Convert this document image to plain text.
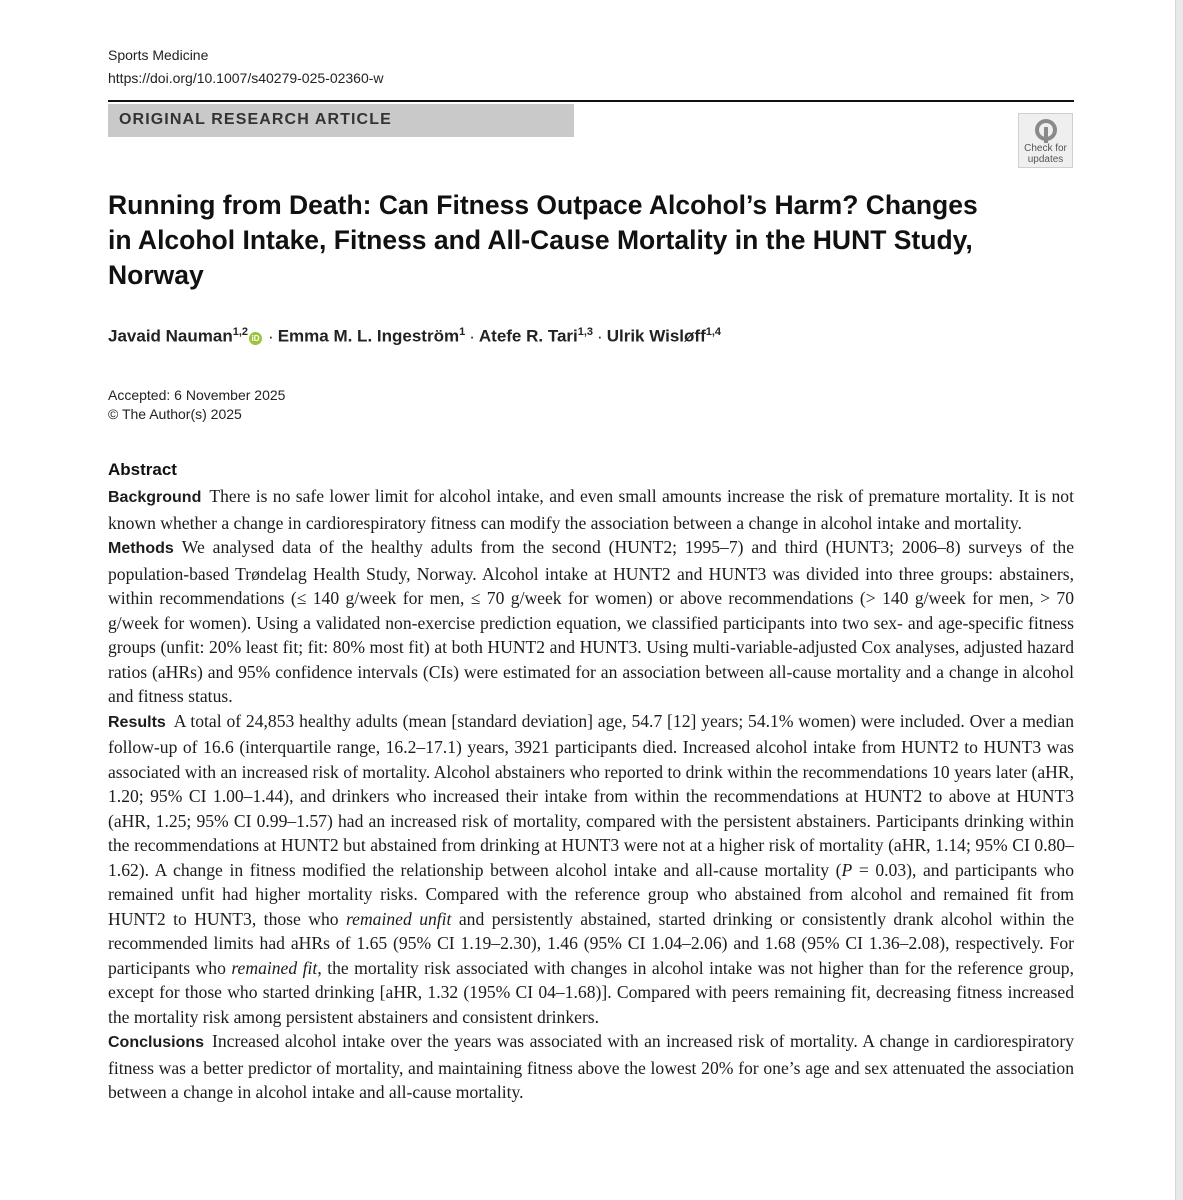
Sports Medicine
https://doi.org/10.1007/s40279-025-02360-w
ORIGINAL RESEARCH ARTICLE
Check for
updates
Running from Death: Can Fitness Outpace Alcohol’s Harm? Changes in Alcohol Intake, Fitness and All-Cause Mortality in the HUNT Study, Norway
Javaid Nauman$^{1,2}$iD · Emma M. L. Ingeström$^1$ · Atefe R. Tari$^{1,3}$ · Ulrik Wisløff$^{1,4}$
Accepted: 6 November 2025
© The Author(s) 2025
Abstract

Background There is no safe lower limit for alcohol intake, and even small amounts increase the risk of premature mortality. It is not known whether a change in cardiorespiratory fitness can modify the association between a change in alcohol intake and mortality.

Methods We analysed data of the healthy adults from the second (HUNT2; 1995–7) and third (HUNT3; 2006–8) surveys of the population-based Trøndelag Health Study, Norway. Alcohol intake at HUNT2 and HUNT3 was divided into three groups: abstainers, within recommendations (≤ 140 g/week for men, ≤ 70 g/week for women) or above recommendations (> 140 g/week for men, > 70 g/week for women). Using a validated non-exercise prediction equation, we classified participants into two sex- and age-specific fitness groups (unfit: 20% least fit; fit: 80% most fit) at both HUNT2 and HUNT3. Using multi-variable-adjusted Cox analyses, adjusted hazard ratios (aHRs) and 95% confidence intervals (CIs) were estimated for an association between all-cause mortality and a change in alcohol and fitness status.

Results A total of 24,853 healthy adults (mean [standard deviation] age, 54.7 [12] years; 54.1% women) were included. Over a median follow-up of 16.6 (interquartile range, 16.2–17.1) years, 3921 participants died. Increased alcohol intake from HUNT2 to HUNT3 was associated with an increased risk of mortality. Alcohol abstainers who reported to drink within the recommendations 10 years later (aHR, 1.20; 95% CI 1.00–1.44), and drinkers who increased their intake from within the recommendations at HUNT2 to above at HUNT3 (aHR, 1.25; 95% CI 0.99–1.57) had an increased risk of mortality, compared with the persistent abstainers. Participants drinking within the recommendations at HUNT2 but abstained from drinking at HUNT3 were not at a higher risk of mortality (aHR, 1.14; 95% CI 0.80–1.62). A change in fitness modified the relationship between alcohol intake and all-cause mortality (P = 0.03), and participants who remained unfit had higher mortality risks. Compared with the reference group who abstained from alcohol and remained fit from HUNT2 to HUNT3, those who remained unfit and persistently abstained, started drinking or consistently drank alcohol within the recommended limits had aHRs of 1.65 (95% CI 1.19–2.30), 1.46 (95% CI 1.04–2.06) and 1.68 (95% CI 1.36–2.08), respectively. For participants who remained fit, the mortality risk associated with changes in alcohol intake was not higher than for the reference group, except for those who started drinking [aHR, 1.32 (195% CI 04–1.68)]. Compared with peers remaining fit, decreasing fitness increased the mortality risk among persistent abstainers and consistent drinkers.

Conclusions Increased alcohol intake over the years was associated with an increased risk of mortality. A change in cardiorespiratory fitness was a better predictor of mortality, and maintaining fitness above the lowest 20% for one’s age and sex attenuated the association between a change in alcohol intake and all-cause mortality.
